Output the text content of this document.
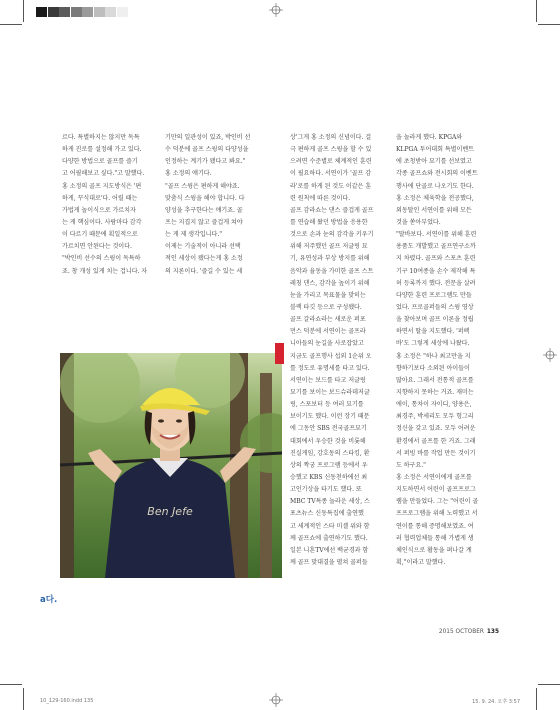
르다. 특별하지는 않지만 독특
하게 진로를 설정해 가고 있다.
다양한 방법으로 골프를 즐기
고 어필해보고 싶다."고 말했다.
홍 소정의 골프 지도방식은 '편
하게, 꾸식대로'다. 어릴 때는
가법게 놀이식으로 가르치자
는 게 핵심이다. 사람마다 감각
이 다르기 때문에 획일적으로
가르치면 안된다는 것이다.
"박인비 선수의 스윙이 독특하
죠. 창 개성 있게 치는 겁니다. 자
기만의 일관성이 있죠, 박인비 선
수 덕분에 골프 스윙의 다양성을
인정하는 계기가 됐다고 봐요."
홍 소정의 얘기다.
"골프 스윙은 편하게 해야죠.
맞춤식 스윙을 해야 합니다. 다
양성을 추구한다는 얘기죠. 골
프는 지겹지 않고 즐겁게 쳐야
는 게 제 생각입니다."
이제는 기술적이 아니라 선택
적인 세상이 됐다는게 홍 소정
의 지론이다. '즐길 수 있는 세
상'그게 홍 소정의 신념이다. 걸
극 편하게 골프 스윙을 할 수 있
으려면 수준별로 체계적인 훈련
이 필요하다. 서연이가 '골프 감
라'로를 하게 된 것도 이같은 훈
련 원칙에 따른 것이다.
골프 감라쇼는 댄스 즐겁게 골프
를 연습해 왔던 방법을 응용한
것으로 손과 눈의 감각을 키우기
위해 저주했던 골프 저글링 묘
기, 유연성과 부상 방지를 위해
음악과 율동을 가미한 골프 스트
레칭 댄스, 감각을 높이기 위해
눈을 가리고 목표물을 맞히는
블랙 타깃 등으로 구성됐다.
골프 갈라쇼라는 새로운 퍼포
먼스 덕분에 서연이는 골프라
니아들의 눈길을 사로잡았고
지금도 골프행사 섭외 1순위 오
를 정도로 유명세를 타고 있다.
서연이는 보드를 타고 저글링
묘기를 보이는 보드슈라데저글
링, 스포보터 등 여러 묘기를
보이기도 했다. 이런 장기 때문
에 그동안 SBS 전국골프묘기
대회에서 우승한 것을 비롯해
진실게임, 강호동의 스타킹, 환
상의 짝궁 프로그램 등에서 우
승했고 KBS 신동천하에선 최
고인기상을 타기도 했다. 또
MBC TV특종 놀라운 세상, 스
포츠뉴스 신동특집에 출연했
고 세계적인 스타 미셸 위와 함
께 골프쇼에 출연하기도 했다.
일본 니혼TV에선 백균경과 함
께 골프 맞대결을 펼쳐 골퍼들
을 놀라게 했다. KPGA와
KLPGA 투어대회 특별이벤트
에 초청받아 묘기를 선보였고
각종 골프쇼와 전시회의 이벤트
행사에 단골로 나오기도 한다.
홍 소정은 체육학을 전공했다,
외동딸인 서연이를 위해 모든
것을 쏟아부었다.
"딸바보다. 서연이를 위해 훈련
용품도 개발했고 골프연구소까
지 차렸다. 골프와 스포츠 훈련
기구 10여종을 손수 제작해 특
허 등록까지 했다. 전문을 살려
다양한 훈련 프로그램도 만들
었다. 프로골퍼들의 스윙 영상
을 찾아보며 골프 이론을 정립
하면서 딸을 지도했다. '퍼펙
바'도 그렇게 세상에 나왔다.
홍 소정은 "하나 최고만을 지
향하기보다 소외된 아이들이
많아요. 그래서 전통적 골프를
지향하지 못하는 거죠. 재미는
에이, 통차이 자이디, 양용은,
최경주, 박세리도 모두 헝그리
정신을 갖고 있죠. 모두 어려운
환경에서 골프를 한 거죠. 그래
서 퍼빙 바를 작업 만든 것이기
도 하구요."
홍 소정은 서연이에게 골프를
지도하면서 어린이 골프프로그
램을 만들었다. 그는 "어린이 골
프프로그램을 위해 노력했고 서
연이를 통해 증명해보였죠. 여
러 협력업체들 통해 가볍게 생
체인식으로 활동을 펴나갈 계
획,"이라고 말했다.
Ben Jefe
a다.
2015 OCTOBER 135
10_129-160.indd 135	15. 9. 24. 오후 3:57
